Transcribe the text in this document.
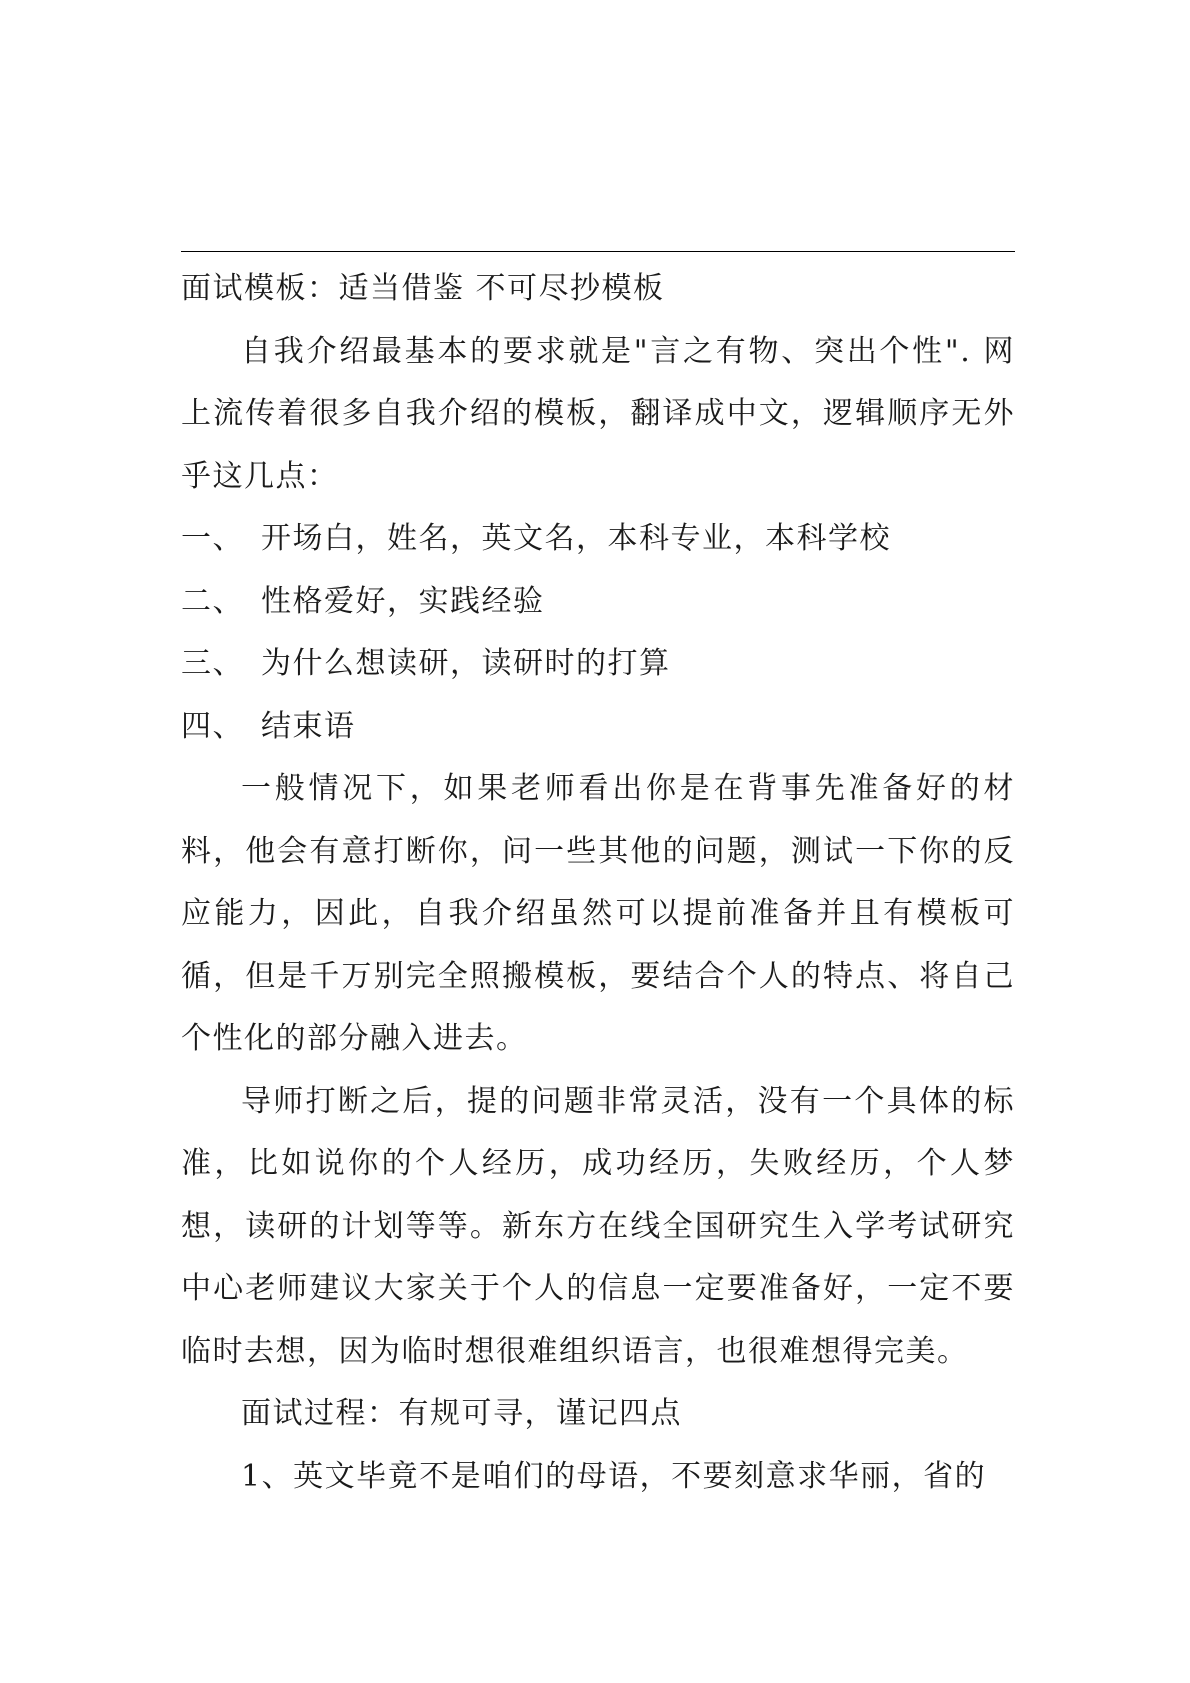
面试模板：适当借鉴 不可尽抄模板

自我介绍最基本的要求就是"言之有物、突出个性". 网上流传着很多自我介绍的模板，翻译成中文，逻辑顺序无外乎这几点：

一、 开场白，姓名，英文名，本科专业，本科学校

二、 性格爱好，实践经验

三、 为什么想读研，读研时的打算

四、 结束语

一般情况下，如果老师看出你是在背事先准备好的材料，他会有意打断你，问一些其他的问题，测试一下你的反应能力，因此，自我介绍虽然可以提前准备并且有模板可循，但是千万别完全照搬模板，要结合个人的特点、将自己个性化的部分融入进去。

导师打断之后，提的问题非常灵活，没有一个具体的标准，比如说你的个人经历，成功经历，失败经历，个人梦想，读研的计划等等。新东方在线全国研究生入学考试研究中心老师建议大家关于个人的信息一定要准备好，一定不要临时去想，因为临时想很难组织语言，也很难想得完美。

面试过程：有规可寻，谨记四点

1、英文毕竟不是咱们的母语，不要刻意求华丽，省的
